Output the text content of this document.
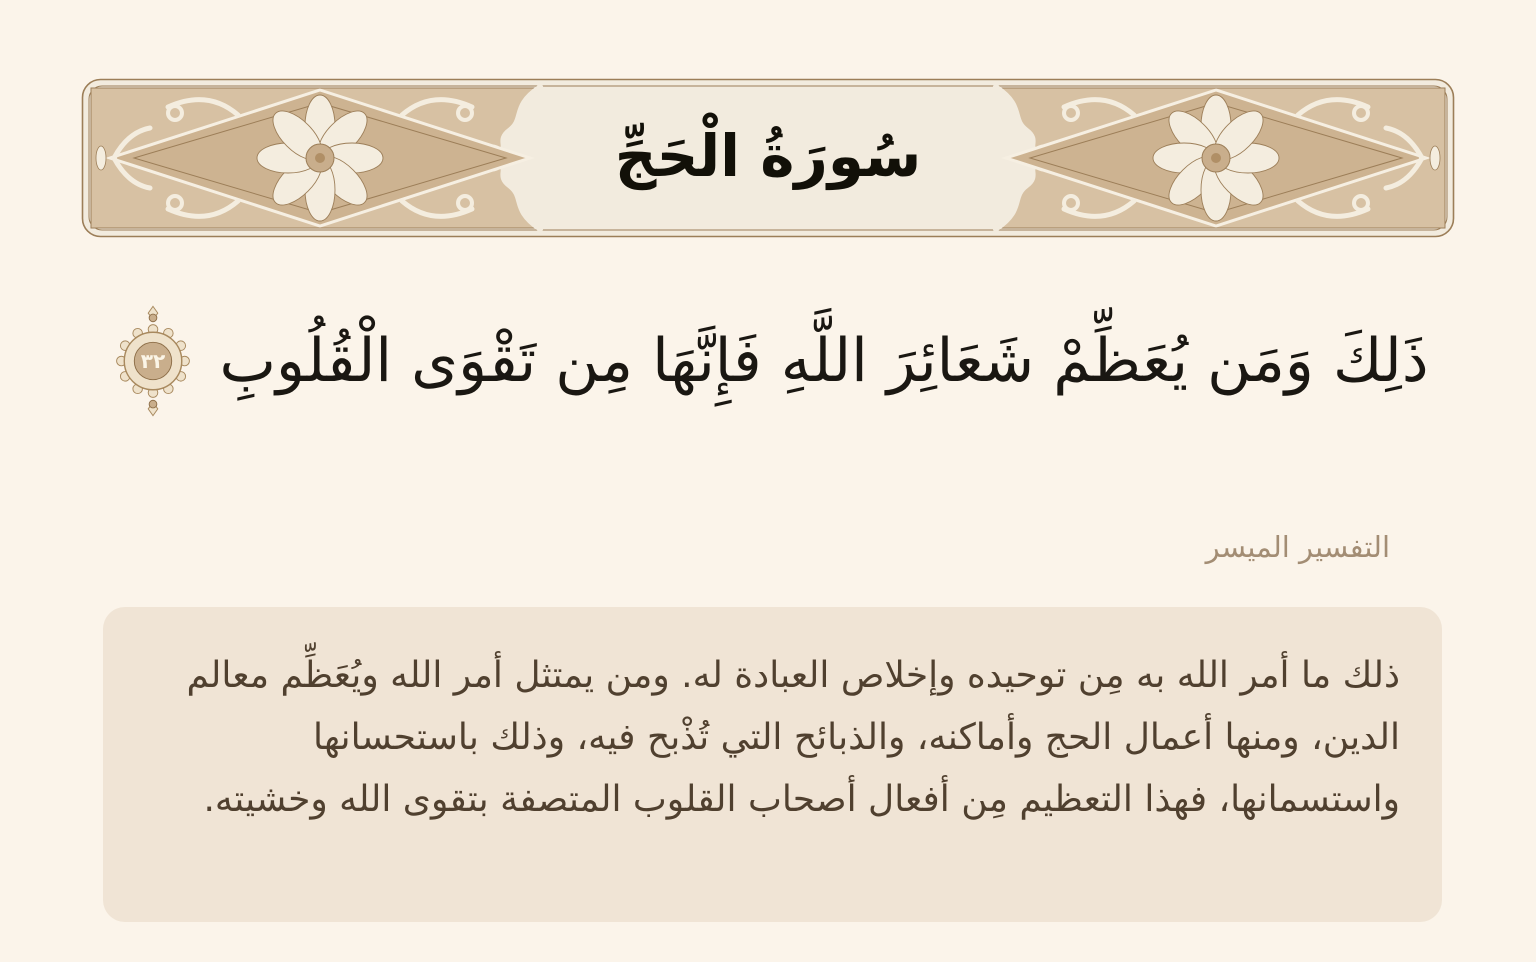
سُورَةُ الْحَجِّ
ذَلِكَ وَمَن يُعَظِّمْ شَعَائِرَ اللَّهِ فَإِنَّهَا مِن تَقْوَى الْقُلُوبِ
٣٢
التفسير الميسر

ذلك ما أمر الله به مِن توحيده وإخلاص العبادة له. ومن يمتثل أمر الله ويُعَظِّم معالم الدين، ومنها أعمال الحج وأماكنه، والذبائح التي تُذْبح فيه، وذلك باستحسانها واستسمانها، فهذا التعظيم مِن أفعال أصحاب القلوب المتصفة بتقوى الله وخشيته.
